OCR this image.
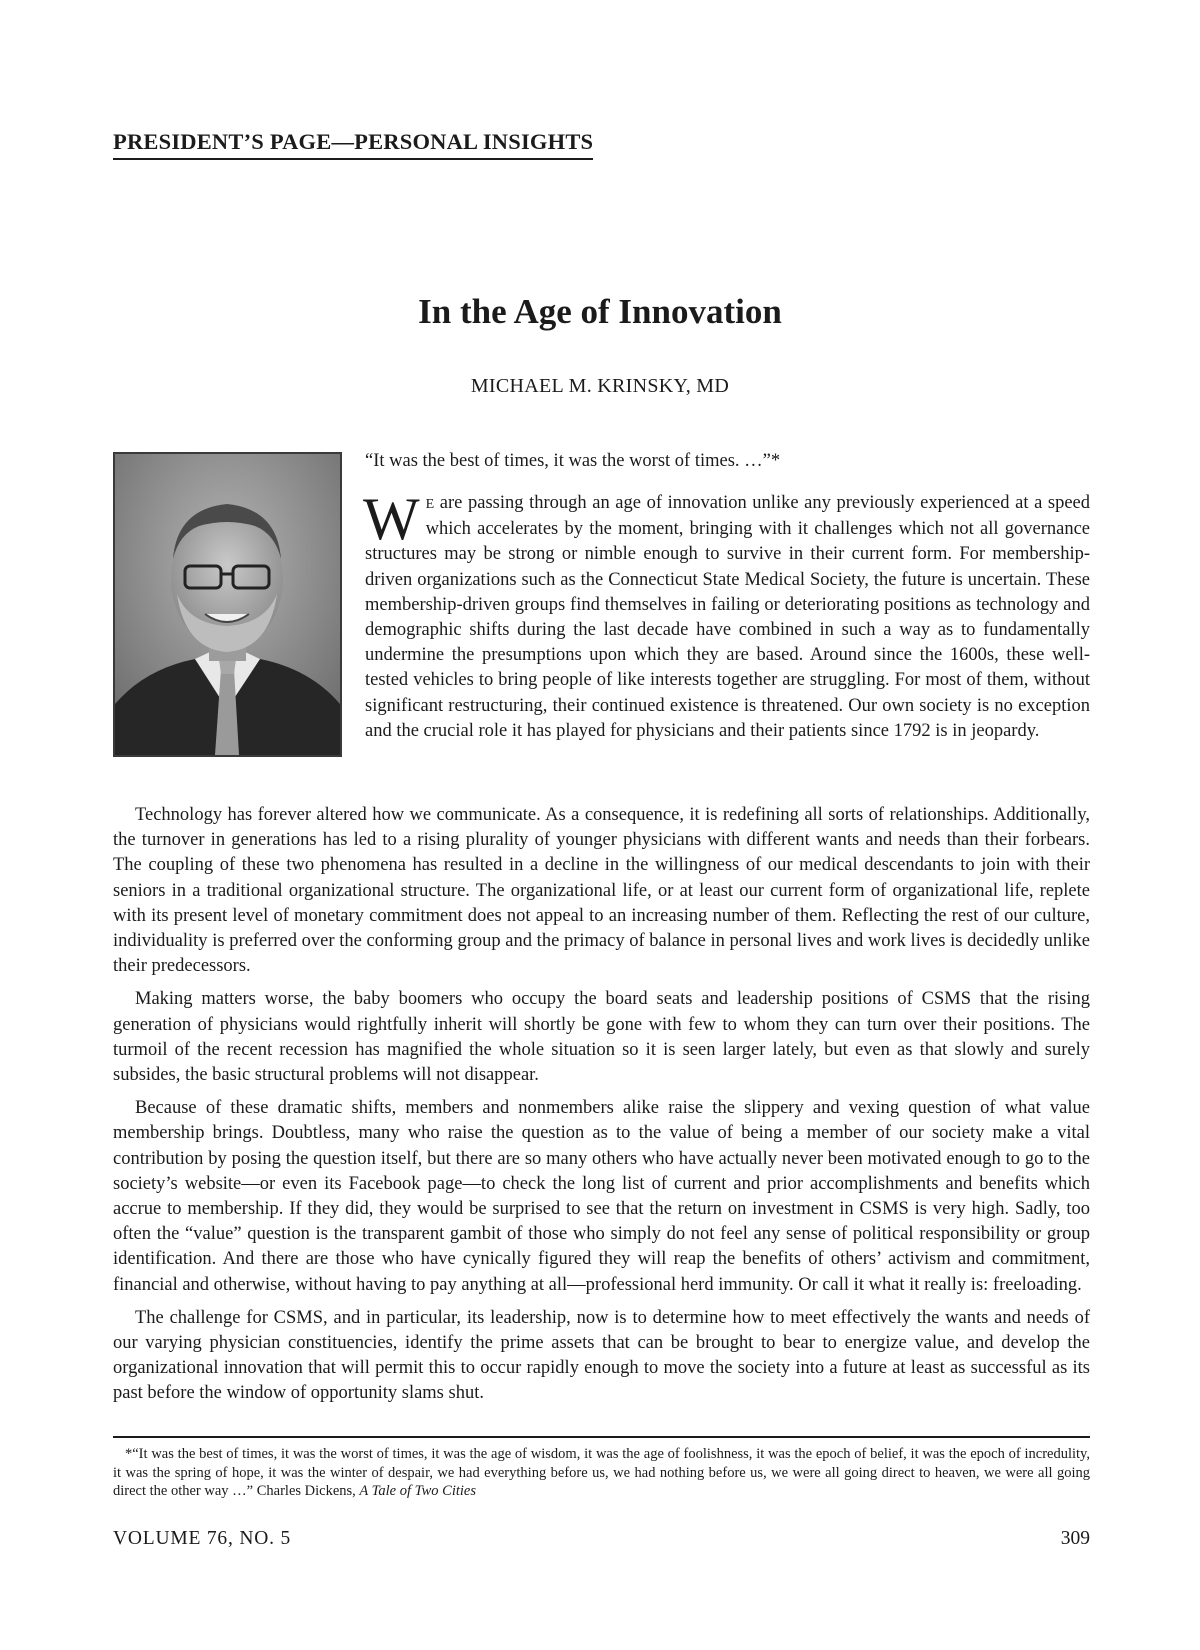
PRESIDENT’S PAGE—PERSONAL INSIGHTS
In the Age of Innovation
MICHAEL M. KRINSKY, MD
“It was the best of times, it was the worst of times. …”*

WE are passing through an age of innovation unlike any previously experienced at a speed which accelerates by the moment, bringing with it challenges which not all governance structures may be strong or nimble enough to survive in their current form. For membership-driven organizations such as the Connecticut State Medical Society, the future is uncertain. These membership-driven groups find themselves in failing or deteriorating positions as technology and demographic shifts during the last decade have combined in such a way as to fundamentally undermine the presumptions upon which they are based. Around since the 1600s, these well-tested vehicles to bring people of like interests together are struggling. For most of them, without significant restructuring, their continued existence is threatened. Our own society is no exception and the crucial role it has played for physicians and their patients since 1792 is in jeopardy.

Technology has forever altered how we communicate. As a consequence, it is redefining all sorts of relationships. Additionally, the turnover in generations has led to a rising plurality of younger physicians with different wants and needs than their forbears. The coupling of these two phenomena has resulted in a decline in the willingness of our medical descendants to join with their seniors in a traditional organizational structure. The organizational life, or at least our current form of organizational life, replete with its present level of monetary commitment does not appeal to an increasing number of them. Reflecting the rest of our culture, individuality is preferred over the conforming group and the primacy of balance in personal lives and work lives is decidedly unlike their predecessors.

Making matters worse, the baby boomers who occupy the board seats and leadership positions of CSMS that the rising generation of physicians would rightfully inherit will shortly be gone with few to whom they can turn over their positions. The turmoil of the recent recession has magnified the whole situation so it is seen larger lately, but even as that slowly and surely subsides, the basic structural problems will not disappear.

Because of these dramatic shifts, members and nonmembers alike raise the slippery and vexing question of what value membership brings. Doubtless, many who raise the question as to the value of being a member of our society make a vital contribution by posing the question itself, but there are so many others who have actually never been motivated enough to go to the society’s website—or even its Facebook page—to check the long list of current and prior accomplishments and benefits which accrue to membership. If they did, they would be surprised to see that the return on investment in CSMS is very high. Sadly, too often the “value” question is the transparent gambit of those who simply do not feel any sense of political responsibility or group identification. And there are those who have cynically figured they will reap the benefits of others’ activism and commitment, financial and otherwise, without having to pay anything at all—professional herd immunity. Or call it what it really is: freeloading.

The challenge for CSMS, and in particular, its leadership, now is to determine how to meet effectively the wants and needs of our varying physician constituencies, identify the prime assets that can be brought to bear to energize value, and develop the organizational innovation that will permit this to occur rapidly enough to move the society into a future at least as successful as its past before the window of opportunity slams shut.

*“It was the best of times, it was the worst of times, it was the age of wisdom, it was the age of foolishness, it was the epoch of belief, it was the epoch of incredulity, it was the spring of hope, it was the winter of despair, we had everything before us, we had nothing before us, we were all going direct to heaven, we were all going direct the other way …” Charles Dickens, A Tale of Two Cities

VOLUME 76, NO. 5	309
